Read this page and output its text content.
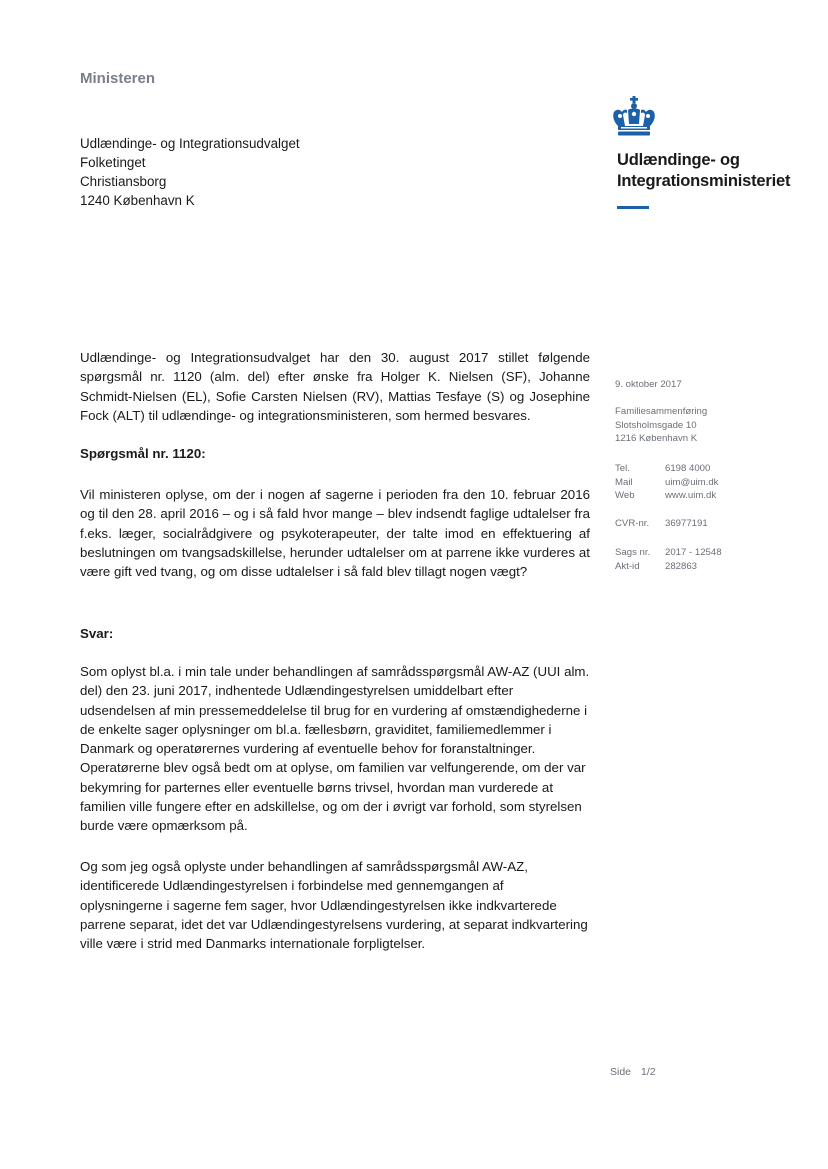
Ministeren
Udlændinge- og Integrationsudvalget
Folketinget
Christiansborg
1240 København K
Udlændinge- og
Integrationsministeriet

Udlændinge- og Integrationsudvalget har den 30. august 2017 stillet følgende spørgsmål nr. 1120 (alm. del) efter ønske fra Holger K. Nielsen (SF), Johanne Schmidt-Nielsen (EL), Sofie Carsten Nielsen (RV), Mattias Tesfaye (S) og Josephine Fock (ALT) til udlændinge- og integrationsministeren, som hermed besvares.

Spørgsmål nr. 1120:

Vil ministeren oplyse, om der i nogen af sagerne i perioden fra den 10. februar 2016 og til den 28. april 2016 – og i så fald hvor mange – blev indsendt faglige udtalelser fra f.eks. læger, socialrådgivere og psykoterapeuter, der talte imod en effektuering af beslutningen om tvangsadskillelse, herunder udtalelser om at parrene ikke vurderes at være gift ved tvang, og om disse udtalelser i så fald blev tillagt nogen vægt?

Svar:

Som oplyst bl.a. i min tale under behandlingen af samrådsspørgsmål AW-AZ (UUI alm. del) den 23. juni 2017, indhentede Udlændingestyrelsen umiddelbart efter udsendelsen af min pressemeddelelse til brug for en vurdering af omstændighederne i de enkelte sager oplysninger om bl.a. fællesbørn, graviditet, familiemedlemmer i Danmark og operatørernes vurdering af eventuelle behov for foranstaltninger. Operatørerne blev også bedt om at oplyse, om familien var velfungerende, om der var bekymring for parternes eller eventuelle børns trivsel, hvordan man vurderede at familien ville fungere efter en adskillelse, og om der i øvrigt var forhold, som styrelsen burde være opmærksom på.

Og som jeg også oplyste under behandlingen af samrådsspørgsmål AW-AZ, identificerede Udlændingestyrelsen i forbindelse med gennemgangen af oplysningerne i sagerne fem sager, hvor Udlændingestyrelsen ikke indkvarterede parrene separat, idet det var Udlændingestyrelsens vurdering, at separat indkvartering ville være i strid med Danmarks internationale forpligtelser.

9. oktober 2017
Familiesammenføring
Slotsholmsgade 10
1216 København K
Tel.	6198 4000
Mail	uim@uim.dk
Web	www.uim.dk
CVR-nr.	36977191
Sags nr.	2017 - 12548
Akt-id	282863
Side 1/2
